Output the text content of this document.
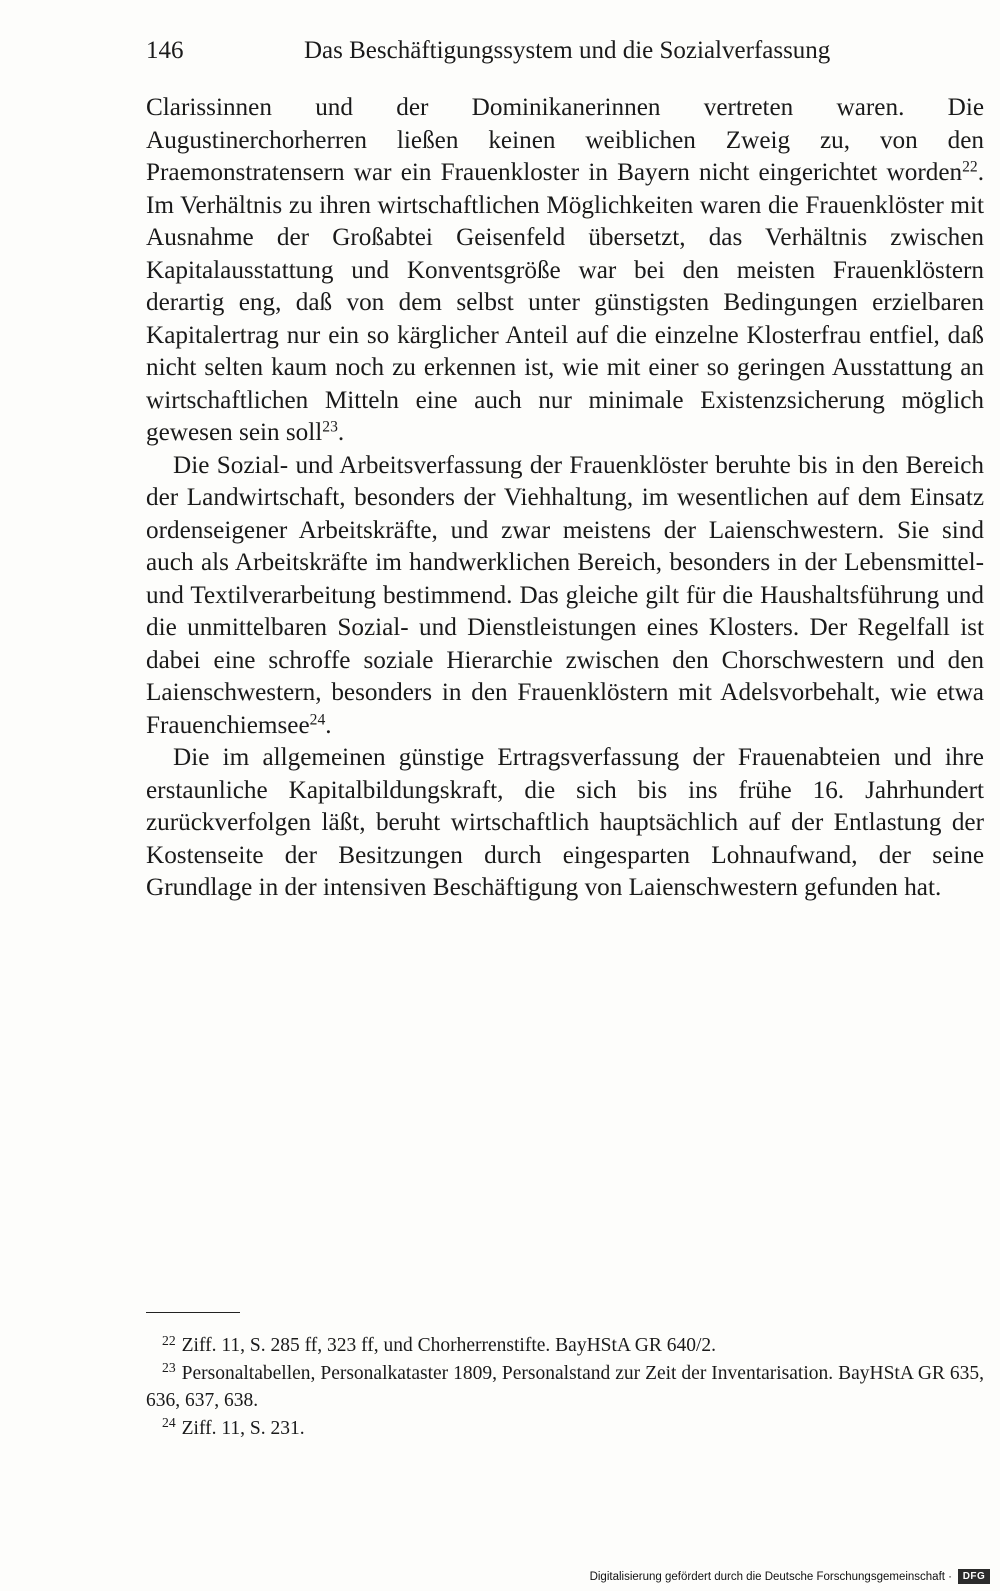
146	Das Beschäftigungssystem und die Sozialverfassung

Clarissinnen und der Dominikanerinnen vertreten waren. Die Augustinerchorherren ließen keinen weiblichen Zweig zu, von den Praemonstratensern war ein Frauenkloster in Bayern nicht eingerichtet worden$^{22}$. Im Verhältnis zu ihren wirtschaftlichen Möglichkeiten waren die Frauenklöster mit Ausnahme der Großabtei Geisenfeld übersetzt, das Verhältnis zwischen Kapitalausstattung und Konventsgröße war bei den meisten Frauenklöstern derartig eng, daß von dem selbst unter günstigsten Bedingungen erzielbaren Kapitalertrag nur ein so kärglicher Anteil auf die einzelne Klosterfrau entfiel, daß nicht selten kaum noch zu erkennen ist, wie mit einer so geringen Ausstattung an wirtschaftlichen Mitteln eine auch nur minimale Existenzsicherung möglich gewesen sein soll$^{23}$.

Die Sozial- und Arbeitsverfassung der Frauenklöster beruhte bis in den Bereich der Landwirtschaft, besonders der Viehhaltung, im wesentlichen auf dem Einsatz ordenseigener Arbeitskräfte, und zwar meistens der Laienschwestern. Sie sind auch als Arbeitskräfte im handwerklichen Bereich, besonders in der Lebensmittel- und Textilverarbeitung bestimmend. Das gleiche gilt für die Haushaltsführung und die unmittelbaren Sozial- und Dienstleistungen eines Klosters. Der Regelfall ist dabei eine schroffe soziale Hierarchie zwischen den Chorschwestern und den Laienschwestern, besonders in den Frauenklöstern mit Adelsvorbehalt, wie etwa Frauenchiemsee$^{24}$.

Die im allgemeinen günstige Ertragsverfassung der Frauenabteien und ihre erstaunliche Kapitalbildungskraft, die sich bis ins frühe 16. Jahrhundert zurückverfolgen läßt, beruht wirtschaftlich hauptsächlich auf der Entlastung der Kostenseite der Besitzungen durch eingesparten Lohnaufwand, der seine Grundlage in der intensiven Beschäftigung von Laienschwestern gefunden hat.

$^{22}$ Ziff. 11, S. 285 ff, 323 ff, und Chorherrenstifte. BayHStA GR 640/2.

$^{23}$ Personaltabellen, Personalkataster 1809, Personalstand zur Zeit der Inventarisation. BayHStA GR 635, 636, 637, 638.

$^{24}$ Ziff. 11, S. 231.

Digitalisierung gefördert durch die Deutsche Forschungsgemeinschaft ·	DFG
